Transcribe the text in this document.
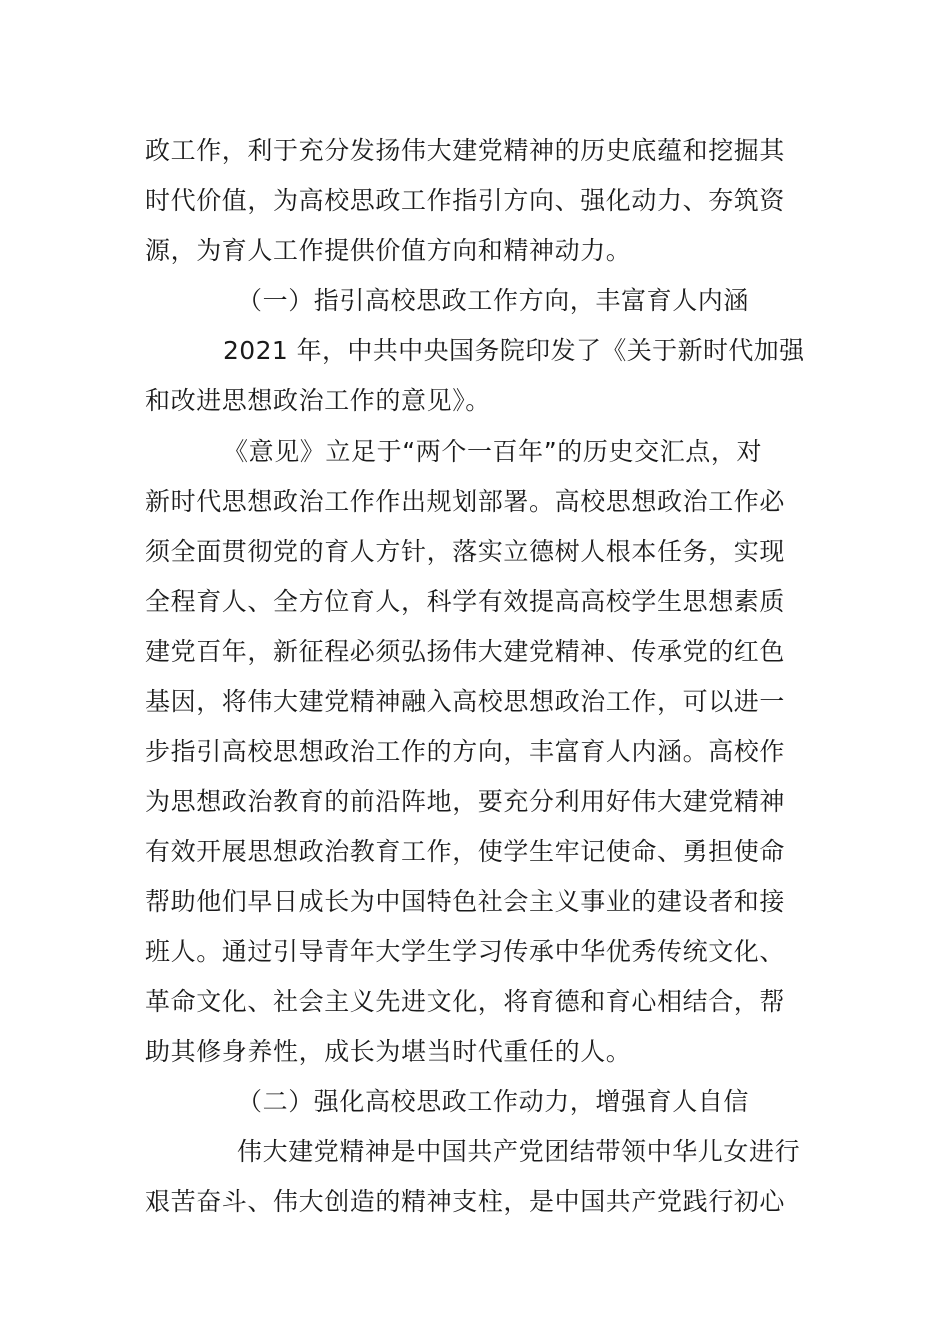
政工作，利于充分发扬伟大建党精神的历史底蕴和挖掘其
时代价值，为高校思政工作指引方向、强化动力、夯筑资
源，为育人工作提供价值方向和精神动力。
（一）指引高校思政工作方向，丰富育人内涵
2021 年，中共中央国务院印发了《关于新时代加强
和改进思想政治工作的意见》。
《意见》立足于“两个一百年”的历史交汇点，对
新时代思想政治工作作出规划部署。高校思想政治工作必
须全面贯彻党的育人方针，落实立德树人根本任务，实现
全程育人、全方位育人，科学有效提高高校学生思想素质
建党百年，新征程必须弘扬伟大建党精神、传承党的红色
基因，将伟大建党精神融入高校思想政治工作，可以进一
步指引高校思想政治工作的方向，丰富育人内涵。高校作
为思想政治教育的前沿阵地，要充分利用好伟大建党精神
有效开展思想政治教育工作，使学生牢记使命、勇担使命
帮助他们早日成长为中国特色社会主义事业的建设者和接
班人。通过引导青年大学生学习传承中华优秀传统文化、
革命文化、社会主义先进文化，将育德和育心相结合，帮
助其修身养性，成长为堪当时代重任的人。
（二）强化高校思政工作动力，增强育人自信
伟大建党精神是中国共产党团结带领中华儿女进行
艰苦奋斗、伟大创造的精神支柱，是中国共产党践行初心
